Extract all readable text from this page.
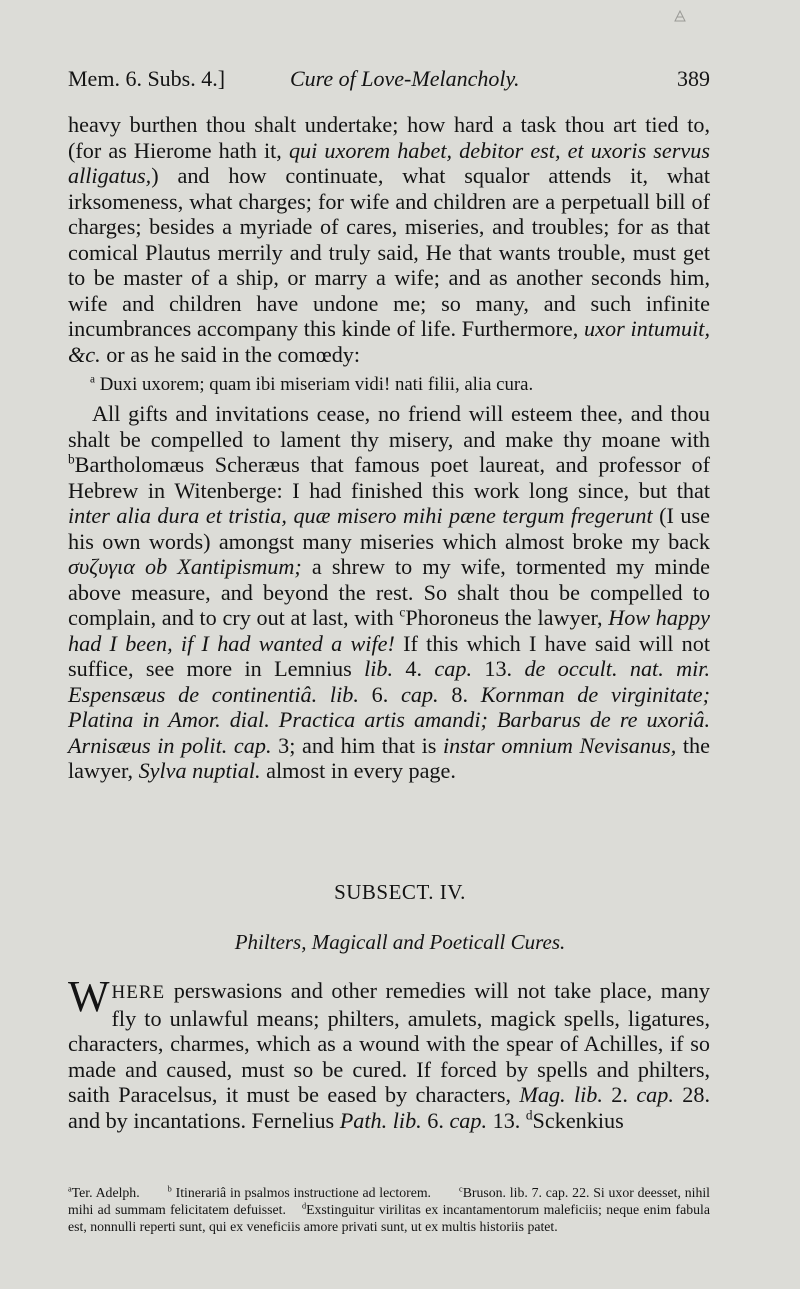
Mem. 6. Subs. 4.]	Cure of Love-Melancholy.	389

heavy burthen thou shalt undertake; how hard a task thou art tied to, (for as Hierome hath it, qui uxorem habet, debitor est, et uxoris servus alligatus,) and how continuate, what squalor attends it, what irksomeness, what charges; for wife and children are a perpetuall bill of charges; besides a myriade of cares, miseries, and troubles; for as that comical Plautus merrily and truly said, He that wants trouble, must get to be master of a ship, or marry a wife; and as another seconds him, wife and children have undone me; so many, and such infinite incumbrances accompany this kinde of life. Furthermore, uxor intumuit, &c. or as he said in the comœdy:

$^a$ Duxi uxorem; quam ibi miseriam vidi! nati filii, alia cura.

All gifts and invitations cease, no friend will esteem thee, and thou shalt be compelled to lament thy misery, and make thy moane with $^b$Bartholomæus Scheræus that famous poet laureat, and professor of Hebrew in Witenberge: I had finished this work long since, but that inter alia dura et tristia, quæ misero mihi pæne tergum fregerunt (I use his own words) amongst many miseries which almost broke my back συζυγια ob Xantipismum; a shrew to my wife, tormented my minde above measure, and beyond the rest. So shalt thou be compelled to complain, and to cry out at last, with $^c$Phoroneus the lawyer, How happy had I been, if I had wanted a wife! If this which I have said will not suffice, see more in Lemnius lib. 4. cap. 13. de occult. nat. mir. Espensæus de continentiâ. lib. 6. cap. 8. Kornman de virginitate; Platina in Amor. dial. Practica artis amandi; Barbarus de re uxoriâ. Arnisæus in polit. cap. 3; and him that is instar omnium Nevisanus, the lawyer, Sylva nuptial. almost in every page.

SUBSECT. IV.
Philters, Magicall and Poeticall Cures.

WHERE perswasions and other remedies will not take place, many fly to unlawful means; philters, amulets, magick spells, ligatures, characters, charmes, which as a wound with the spear of Achilles, if so made and caused, must so be cured. If forced by spells and philters, saith Paracelsus, it must be eased by characters, Mag. lib. 2. cap. 28. and by incantations. Fernelius Path. lib. 6. cap. 13. $^d$Sckenkius

$^a$Ter. Adelph.	$^b$ Itinerariâ in psalmos instructione ad lectorem.	$^c$Bruson. lib. 7. cap. 22. Si uxor deesset, nihil mihi ad summam felicitatem defuisset. $^d$Exstinguitur virilitas ex incantamentorum maleficiis; neque enim fabula est, nonnulli reperti sunt, qui ex veneficiis amore privati sunt, ut ex multis historiis patet.
